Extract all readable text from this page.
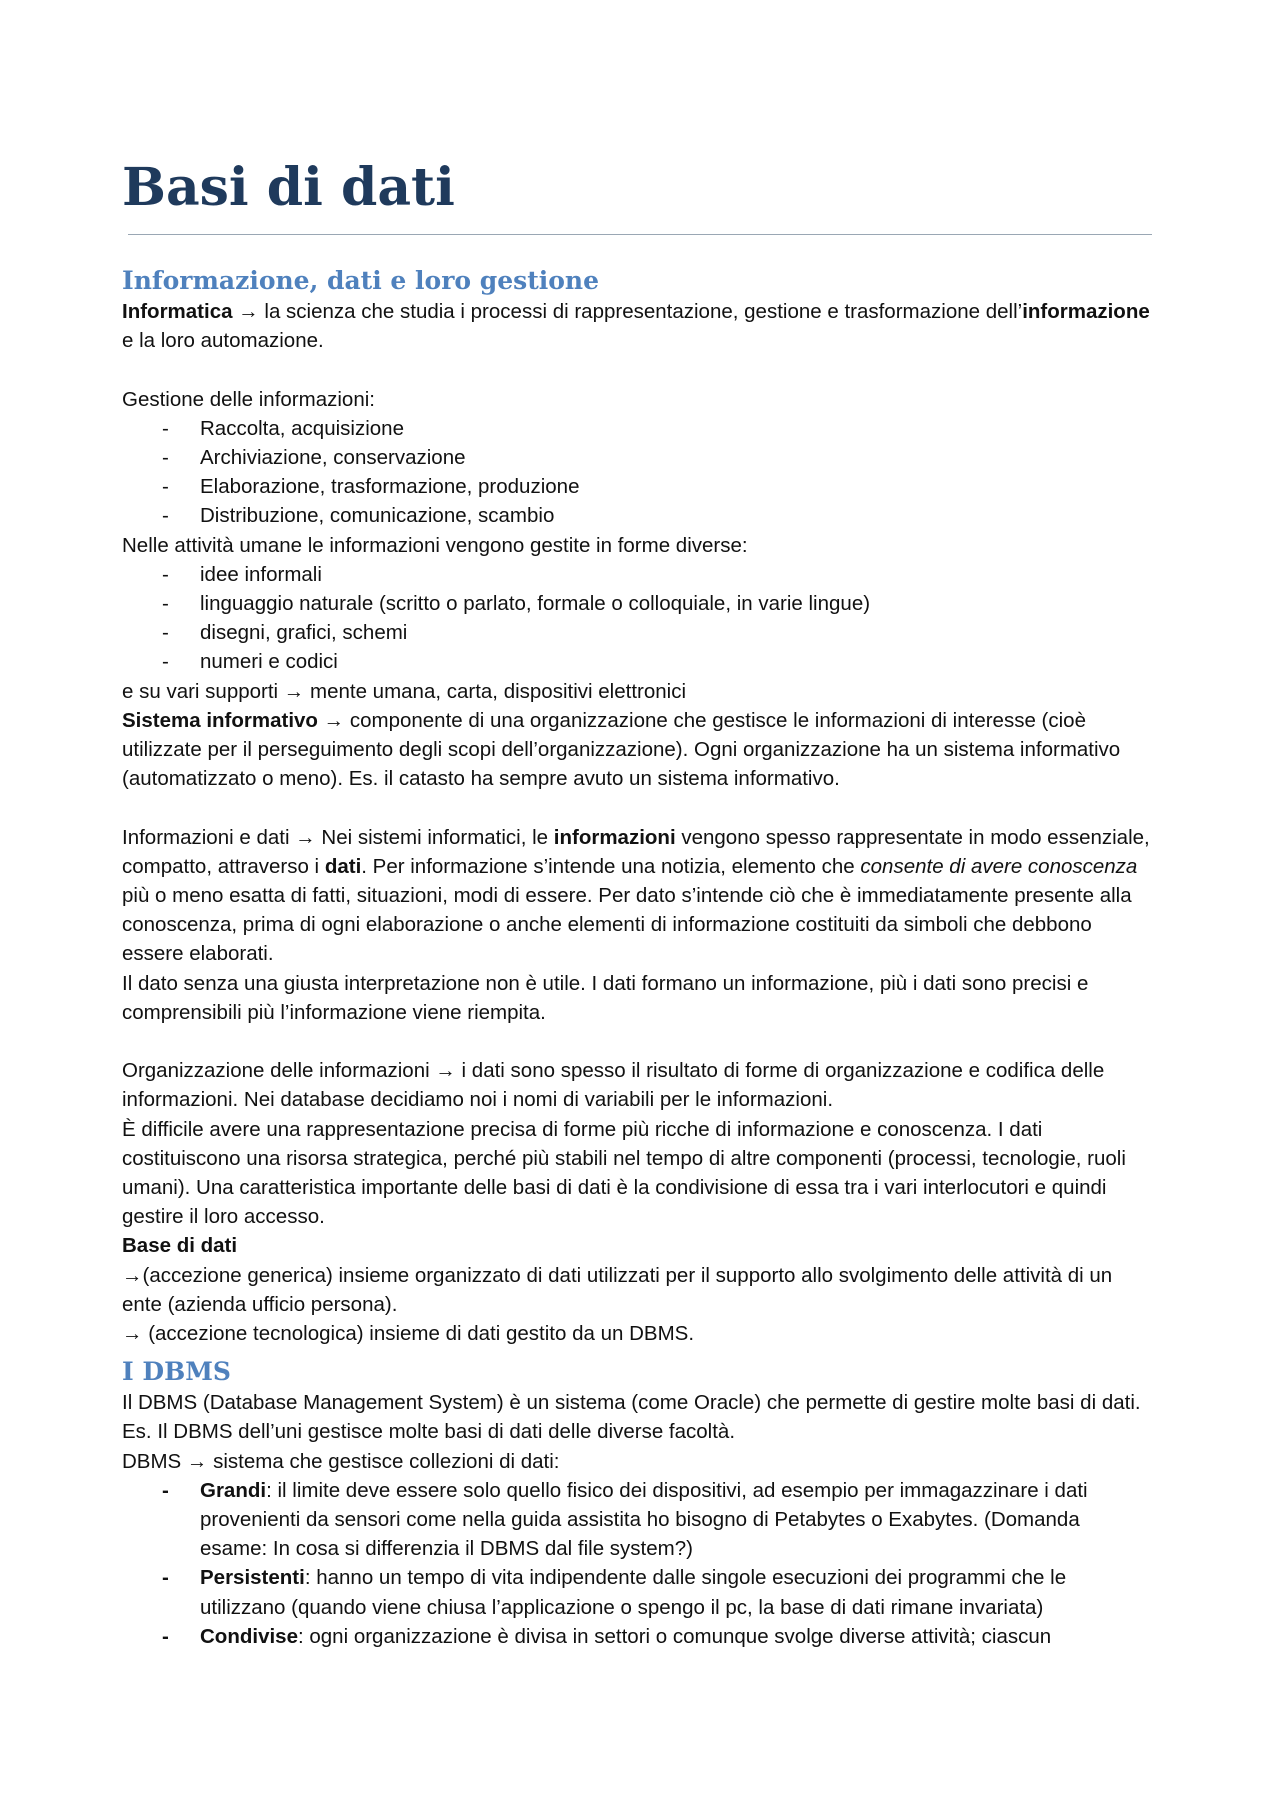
Basi di dati
Informazione, dati e loro gestione

Informatica → la scienza che studia i processi di rappresentazione, gestione e trasformazione dell’informazione e la loro automazione.

Gestione delle informazioni:

- Raccolta, acquisizione
- Archiviazione, conservazione
- Elaborazione, trasformazione, produzione
- Distribuzione, comunicazione, scambio

Nelle attività umane le informazioni vengono gestite in forme diverse:

- idee informali
- linguaggio naturale (scritto o parlato, formale o colloquiale, in varie lingue)
- disegni, grafici, schemi
- numeri e codici

e su vari supporti → mente umana, carta, dispositivi elettronici

Sistema informativo → componente di una organizzazione che gestisce le informazioni di interesse (cioè utilizzate per il perseguimento degli scopi dell’organizzazione). Ogni organizzazione ha un sistema informativo (automatizzato o meno). Es. il catasto ha sempre avuto un sistema informativo.

Informazioni e dati → Nei sistemi informatici, le informazioni vengono spesso rappresentate in modo essenziale, compatto, attraverso i dati. Per informazione s’intende una notizia, elemento che consente di avere conoscenza più o meno esatta di fatti, situazioni, modi di essere. Per dato s’intende ciò che è immediatamente presente alla conoscenza, prima di ogni elaborazione o anche elementi di informazione costituiti da simboli che debbono essere elaborati.

Il dato senza una giusta interpretazione non è utile. I dati formano un informazione, più i dati sono precisi e comprensibili più l’informazione viene riempita.

Organizzazione delle informazioni → i dati sono spesso il risultato di forme di organizzazione e codifica delle informazioni. Nei database decidiamo noi i nomi di variabili per le informazioni.

È difficile avere una rappresentazione precisa di forme più ricche di informazione e conoscenza. I dati costituiscono una risorsa strategica, perché più stabili nel tempo di altre componenti (processi, tecnologie, ruoli umani). Una caratteristica importante delle basi di dati è la condivisione di essa tra i vari interlocutori e quindi gestire il loro accesso.

Base di dati

→(accezione generica) insieme organizzato di dati utilizzati per il supporto allo svolgimento delle attività di un ente (azienda ufficio persona).

→ (accezione tecnologica) insieme di dati gestito da un DBMS.

I DBMS

Il DBMS (Database Management System) è un sistema (come Oracle) che permette di gestire molte basi di dati. Es. Il DBMS dell’uni gestisce molte basi di dati delle diverse facoltà.

DBMS → sistema che gestisce collezioni di dati:

- Grandi: il limite deve essere solo quello fisico dei dispositivi, ad esempio per immagazzinare i dati provenienti da sensori come nella guida assistita ho bisogno di Petabytes o Exabytes. (Domanda esame: In cosa si differenzia il DBMS dal file system?)
- Persistenti: hanno un tempo di vita indipendente dalle singole esecuzioni dei programmi che le utilizzano (quando viene chiusa l’applicazione o spengo il pc, la base di dati rimane invariata)
- Condivise: ogni organizzazione è divisa in settori o comunque svolge diverse attività; ciascun
